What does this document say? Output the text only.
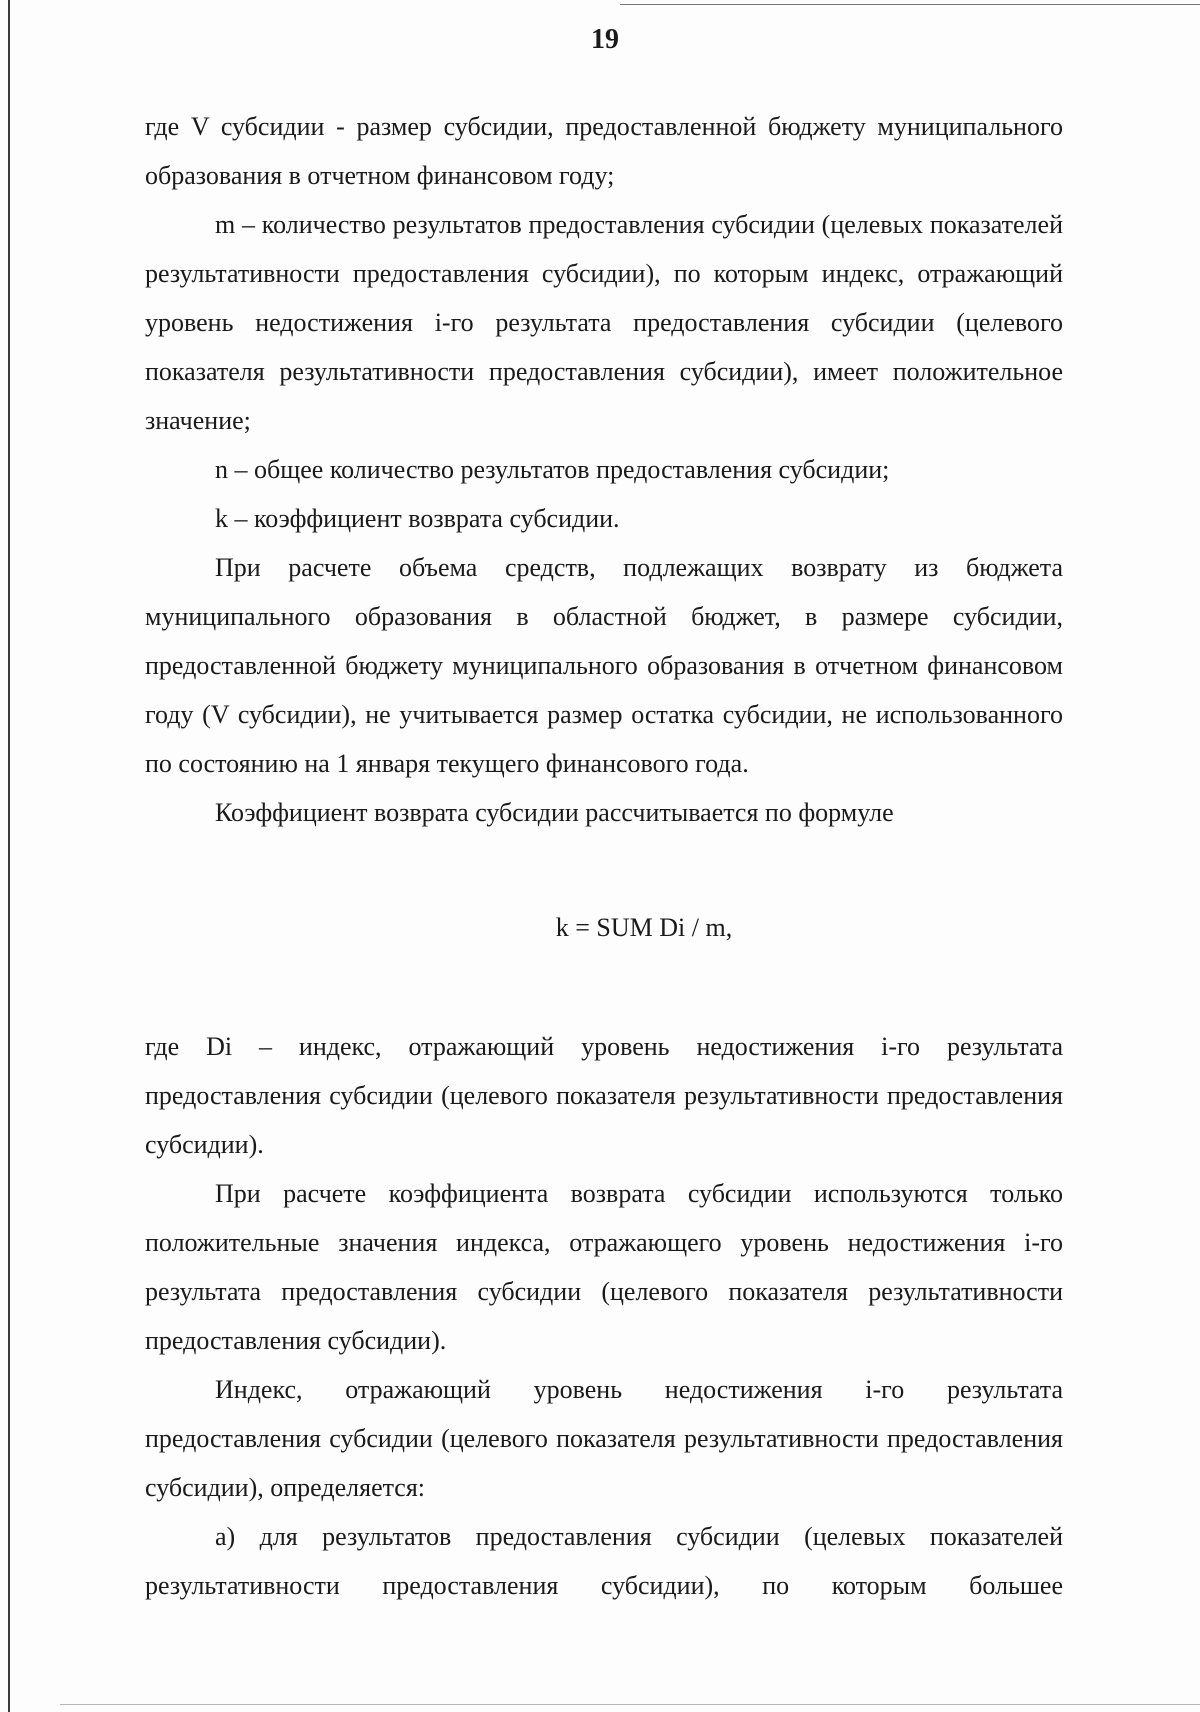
19

где V субсидии - размер субсидии, предоставленной бюджету муниципального образования в отчетном финансовом году;

m – количество результатов предоставления субсидии (целевых показателей результативности предоставления субсидии), по которым индекс, отражающий уровень недостижения i-го результата предоставления субсидии (целевого показателя результативности предоставления субсидии), имеет положительное значение;

n – общее количество результатов предоставления субсидии;

k – коэффициент возврата субсидии.

При расчете объема средств, подлежащих возврату из бюджета муниципального образования в областной бюджет, в размере субсидии, предоставленной бюджету муниципального образования в отчетном финансовом году (V субсидии), не учитывается размер остатка субсидии, не использованного по состоянию на 1 января текущего финансового года.

Коэффициент возврата субсидии рассчитывается по формуле

k = SUM Di / m,

где Di – индекс, отражающий уровень недостижения i-го результата предоставления субсидии (целевого показателя результативности предоставления субсидии).

При расчете коэффициента возврата субсидии используются только положительные значения индекса, отражающего уровень недостижения i-го результата предоставления субсидии (целевого показателя результативности предоставления субсидии).

Индекс, отражающий уровень недостижения i-го результата предоставления субсидии (целевого показателя результативности предоставления субсидии), определяется:

а) для результатов предоставления субсидии (целевых показателей результативности предоставления субсидии), по которым большее
